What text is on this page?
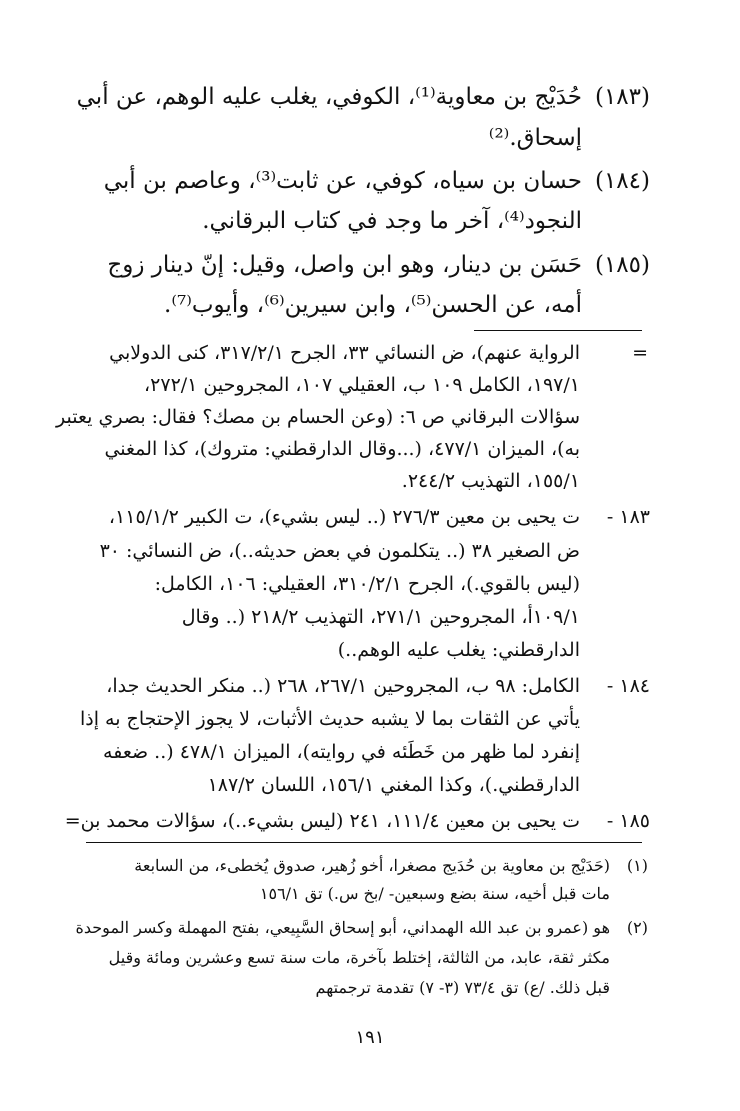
(١٨٣)
حُدَيْج بن معاوية⁽¹⁾، الكوفي، يغلب عليه الوهم، عن أبي
إسحاق.⁽²⁾
(١٨٤)
حسان بن سياه، كوفي، عن ثابت⁽³⁾، وعاصم بن أبي
النجود⁽⁴⁾، آخر ما وجد في كتاب البرقاني.
(١٨٥)
حَسَن بن دينار، وهو ابن واصل، وقيل: إنّ دينار زوج
أمه، عن الحسن⁽⁵⁾، وابن سيرين⁽⁶⁾، وأيوب⁽⁷⁾.
=
الرواية عنهم)، ض النسائي ٣٣، الجرح ٣١٧/٢/١، كنى الدولابي
١٩٧/١، الكامل ١٠٩ ب، العقيلي ١٠٧، المجروحين ٢٧٢/١،
سؤالات البرقاني ص ٦: (وعن الحسام بن مصك؟ فقال: بصري يعتبر
به)، الميزان ٤٧٧/١، (...وقال الدارقطني: متروك)، كذا المغني
١٥٥/١، التهذيب ٢٤٤/٢.
١٨٣ -
ت يحيى بن معين ٢٧٦/٣ (.. ليس بشيء)، ت الكبير ١١٥/١/٢،
ض الصغير ٣٨ (.. يتكلمون في بعض حديثه..)، ض النسائي: ٣٠
(ليس بالقوي.)، الجرح ٣١٠/٢/١، العقيلي: ١٠٦، الكامل:
١٠٩/١أ، المجروحين ٢٧١/١، التهذيب ٢١٨/٢ (.. وقال
الدارقطني: يغلب عليه الوهم..)
١٨٤ -
الكامل: ٩٨ ب، المجروحين ٢٦٧/١، ٢٦٨ (.. منكر الحديث جدا،
يأتي عن الثقات بما لا يشبه حديث الأثبات، لا يجوز الإحتجاج به إذا
إنفرد لما ظهر من خَطَئه في روايته)، الميزان ٤٧٨/١ (.. ضعفه
الدارقطني.)، وكذا المغني ١٥٦/١، اللسان ١٨٧/٢
١٨٥ -
ت يحيى بن معين ١١١/٤، ٢٤١ (ليس بشيء..)، سؤالات محمد بن=
(١)
(حَدَيْج بن معاوية بن حُدَيج مصغرا، أخو زُهير، صدوق يُخطىء، من السابعة
مات قبل أخيه، سنة بضع وسبعين- /بخ س.) تق ١٥٦/١
(٢)
هو (عمرو بن عبد الله الهمداني، أبو إسحاق السَّبِيعي، بفتح المهملة وكسر الموحدة
مكثر ثقة، عابد، من الثالثة، إختلط بآخرة، مات سنة تسع وعشرين ومائة وقيل
قبل ذلك. /ع) تق ٧٣/٤ (٣- ٧) تقدمة ترجمتهم
١٩١
